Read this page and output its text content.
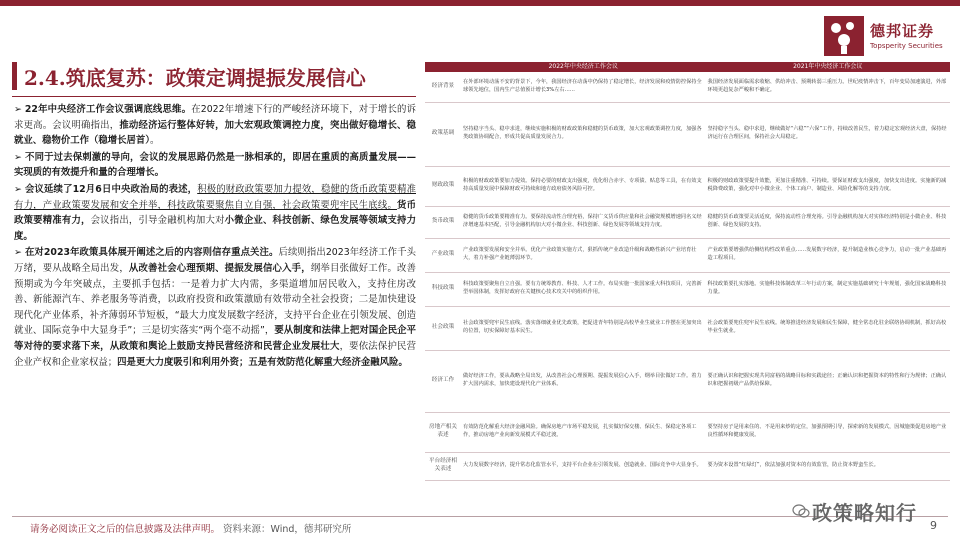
德邦证券
Topsperity Securities
2.4.筑底复苏：政策定调提振发展信心
➢ 22年中央经济工作会议强调底线思维。在2022年增速下行的严峻经济环境下，对于增长的诉求更高。会议明确指出，推动经济运行整体好转，加大宏观政策调控力度，突出做好稳增长、稳就业、稳物价工作（稳增长居首）。
➢ 不同于过去保刺激的导向，会议的发展思路仍然是一脉相承的，即居在重质的高质量发展——实现质的有效提升和量的合理增长。
➢ 会议延续了12月6日中央政治局的表述，积极的财政政策要加力提效，稳健的货币政策要精准有力，产业政策要发展和安全并举，科技政策要聚焦自立自强，社会政策要兜牢民生底线。货币政策要精准有力，会议指出，引导金融机构加大对小微企业、科技创新、绿色发展等领域支持力度。
➢ 在对2023年政策具体展开阐述之后的内容则信存重点关注。后续则指出2023年经济工作千头万绪，要从战略全局出发，从改善社会心理预期、提振发展信心入手，纲举目张做好工作。改善预期或为今年突破点，主要抓手包括：一是着力扩大内需，多渠道增加居民收入，支持住房改善、新能源汽车、养老服务等消费，以政府投资和政策激励有效带动全社会投资；二是加快建设现代化产业体系，补齐薄弱环节短板，“最大力度发展数字经济，支持平台企业在引领发展、创造就业、国际竞争中大显身手”；三是切实落实“两个毫不动摇”，要从制度和法律上把对国企民企平等对待的要求落下来，从政策和舆论上鼓励支持民营经济和民营企业发展壮大，要依法保护民营企业产权和企业家权益；四是更大力度吸引和利用外资；五是有效防范化解重大经济金融风险。
	2022年中央经济工作会议	2021年中央经济工作会议
经济背景	在外部环境动荡不安的背景下，今年，我国经济在动荡中仍保持了稳定增长，经济发展和疫情防控保持全球领先地位，国内生产总值预计增长3%左右……	我国经济发展面临需求收缩、供给冲击、预期转弱三重压力。世纪疫情冲击下，百年变局加速演进，外部环境更趋复杂严峻和不确定。
政策基调	坚持稳字当头、稳中求进，继续实施积极的财政政策和稳健的货币政策，加大宏观政策调控力度，加强各类政策协调配合，形成共促高质量发展合力。	坚持稳字当头、稳中求进，继续做好“六稳”“六保”工作，持续改善民生，着力稳定宏观经济大盘，保持经济运行在合理区间，保持社会大局稳定。
财政政策	积极的财政政策要加力提效。保持必要的财政支出强度，优化组合赤字、专项债、贴息等工具，在有效支持高质量发展中保障财政可持续和地方政府债务风险可控。	积极的财政政策要提升效能，更加注重精准、可持续。要保证财政支出强度，加快支出进度。实施新的减税降费政策，强化对中小微企业、个体工商户、制造业、风险化解等的支持力度。
货币政策	稳健的货币政策要精准有力。要保持流动性合理充裕，保持广义货币供应量和社会融资规模增速同名义经济增速基本匹配，引导金融机构加大对小微企业、科技创新、绿色发展等领域支持力度。	稳健的货币政策要灵活适度，保持流动性合理充裕。引导金融机构加大对实体经济特别是小微企业、科技创新、绿色发展的支持。
产业政策	产业政策要发展和安全并举。优化产业政策实施方式，狠抓传统产业改造升级和战略性新兴产业培育壮大，着力补强产业链薄弱环节。	产业政策要增强供给侧结构性改革重点……发展数字经济，提升制造业核心竞争力，启动一批产业基础再造工程项目。
科技政策	科技政策要聚焦自立自强。要有力统筹教育、科技、人才工作。布局实施一批国家重大科技项目，完善新型举国体制，发挥好政府在关键核心技术攻关中的组织作用。	科技政策要扎实落地。实施科技体制改革三年行动方案，制定实施基础研究十年规划，强化国家战略科技力量。
社会政策	社会政策要兜牢民生底线。落实落细就业优先政策，把促进青年特别是高校毕业生就业工作摆在更加突出的位置，切实保障好基本民生。	社会政策要兜住兜牢民生底线。统筹推进经济发展和民生保障，健全常态化驻企联络协调机制，抓好高校毕业生就业。
经济工作	做好经济工作，要从战略全局出发，从改善社会心理预期、提振发展信心入手，纲举目张做好工作。着力扩大国内需求，加快建设现代化产业体系。	要正确认识和把握实现共同富裕的战略目标和实践途径；正确认识和把握资本的特性和行为规律；正确认识和把握初级产品供给保障。
房地产相关表述	有效防范化解重大经济金融风险。确保房地产市场平稳发展，扎实做好保交楼、保民生、保稳定各项工作，推动房地产业向新发展模式平稳过渡。	要坚持房子是用来住的、不是用来炒的定位，加强预期引导，探索新的发展模式，因城施策促进房地产业良性循环和健康发展。
平台经济相关表述	大力发展数字经济，提升常态化监管水平，支持平台企业在引领发展、创造就业、国际竞争中大显身手。	要为资本设置“红绿灯”，依法加强对资本的有效监管，防止资本野蛮生长。
请务必阅读正文之后的信息披露及法律声明。 资料来源：Wind，德邦研究所
政策略知行
9
